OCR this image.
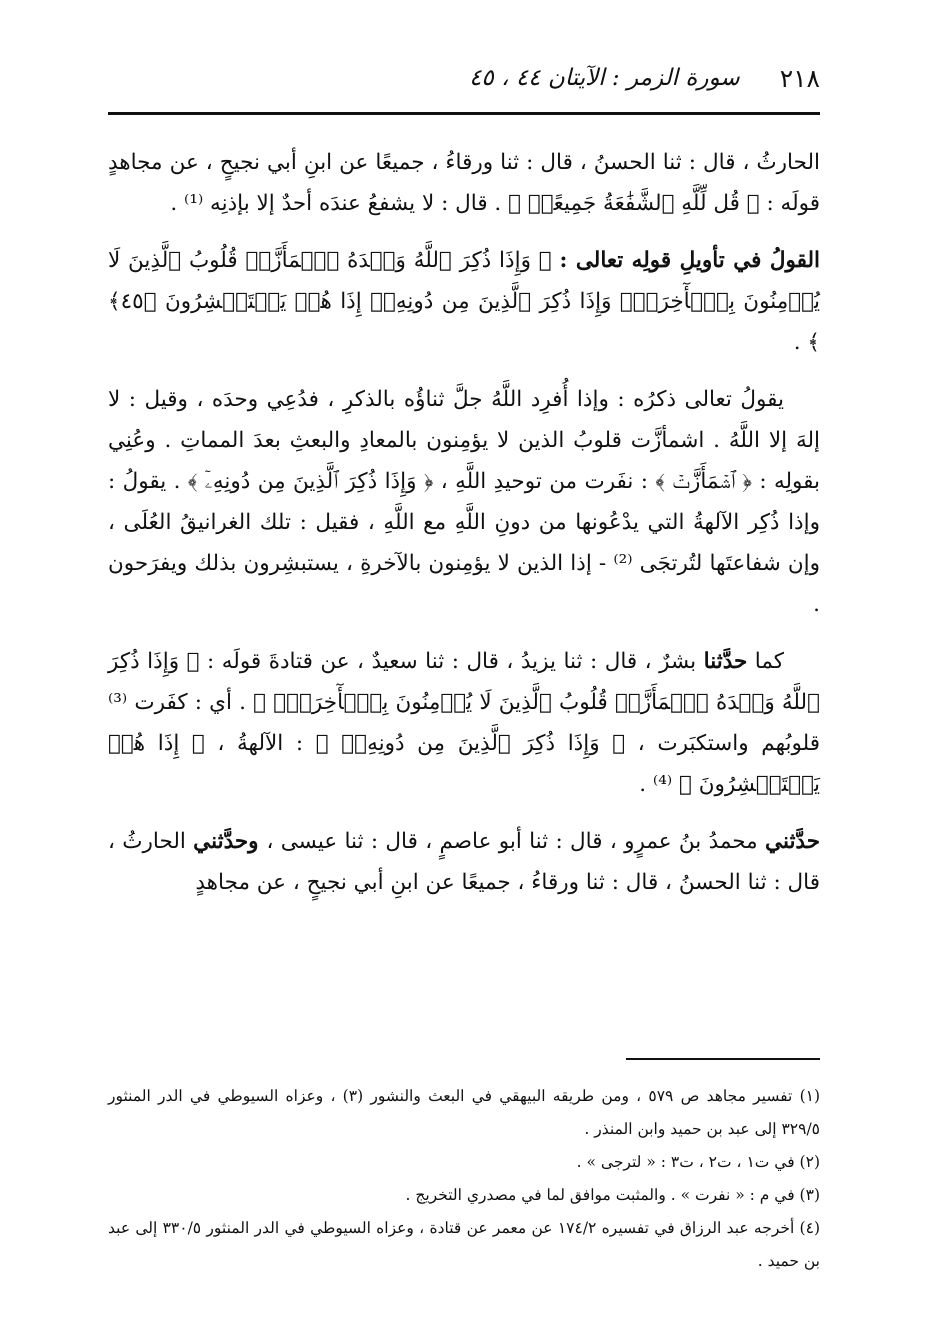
٢١٨
سورة الزمر : الآيتان ٤٤ ، ٤٥

الحارثُ ، قال : ثنا الحسنُ ، قال : ثنا ورقاءُ ، جميعًا عن ابنِ أبي نجيحٍ ، عن مجاهدٍ قولَه : ﴿ قُل لِّلَّهِ ٱلشَّفَٰعَةُ جَمِيعًاۖ ﴾ . قال : لا يشفعُ عندَه أحدٌ إلا بإذنِه ⁽¹⁾ .

القولُ في تأويلِ قولِه تعالى : ﴿ وَإِذَا ذُكِرَ ٱللَّهُ وَحۡدَهُ ٱشۡمَأَزَّتۡ قُلُوبُ ٱلَّذِينَ لَا يُؤۡمِنُونَ بِٱلۡأٓخِرَةِۖ وَإِذَا ذُكِرَ ٱلَّذِينَ مِن دُونِهِۦٓ إِذَا هُمۡ يَسۡتَبۡشِرُونَ ﴿٤٥﴾ ﴾ .

يقولُ تعالى ذكرُه : وإذا أُفرِد اللَّهُ جلَّ ثناؤُه بالذكرِ ، فدُعِي وحدَه ، وقيل : لا إلهَ إلا اللَّهُ . اشمأزَّت قلوبُ الذين لا يؤمِنون بالمعادِ والبعثِ بعدَ المماتِ . وعُنِي بقولِه : ﴿ ٱشۡمَأَزَّتۡ ﴾ : نفَرت من توحيدِ اللَّهِ ، ﴿ وَإِذَا ذُكِرَ ٱلَّذِينَ مِن دُونِهِۦٓ ﴾ . يقولُ : وإذا ذُكِر الآلهةُ التي يدْعُونها من دونِ اللَّهِ مع اللَّهِ ، فقيل : تلك الغرانيقُ العُلَى ، وإن شفاعتَها لتُرتجَى ⁽²⁾ - إذا الذين لا يؤمِنون بالآخرةِ ، يستبشِرون بذلك ويفرَحون .

كما حدَّثنا بشرٌ ، قال : ثنا يزيدُ ، قال : ثنا سعيدٌ ، عن قتادةَ قولَه : ﴿ وَإِذَا ذُكِرَ ٱللَّهُ وَحۡدَهُ ٱشۡمَأَزَّتۡ قُلُوبُ ٱلَّذِينَ لَا يُؤۡمِنُونَ بِٱلۡأٓخِرَةِۖ ﴾ . أي : كفَرت ⁽³⁾ قلوبُهم واستكبَرت ، ﴿ وَإِذَا ذُكِرَ ٱلَّذِينَ مِن دُونِهِۦٓ ﴾ : الآلهةُ ، ﴿ إِذَا هُمۡ يَسۡتَبۡشِرُونَ ﴾ ⁽⁴⁾ .

حدَّثني محمدُ بنُ عمرٍو ، قال : ثنا أبو عاصمٍ ، قال : ثنا عيسى ، وحدَّثني الحارثُ ، قال : ثنا الحسنُ ، قال : ثنا ورقاءُ ، جميعًا عن ابنِ أبي نجيحٍ ، عن مجاهدٍ

(١) تفسير مجاهد ص ٥٧٩ ، ومن طريقه البيهقي في البعث والنشور (٣) ، وعزاه السيوطي في الدر المنثور ٣٢٩/٥ إلى عبد بن حميد وابن المنذر .

(٢) في ت١ ، ت٢ ، ت٣ : « لترجى » .

(٣) في م : « نفرت » . والمثبت موافق لما في مصدري التخريج .

(٤) أخرجه عبد الرزاق في تفسيره ١٧٤/٢ عن معمر عن قتادة ، وعزاه السيوطي في الدر المنثور ٣٣٠/٥ إلى عبد بن حميد .
